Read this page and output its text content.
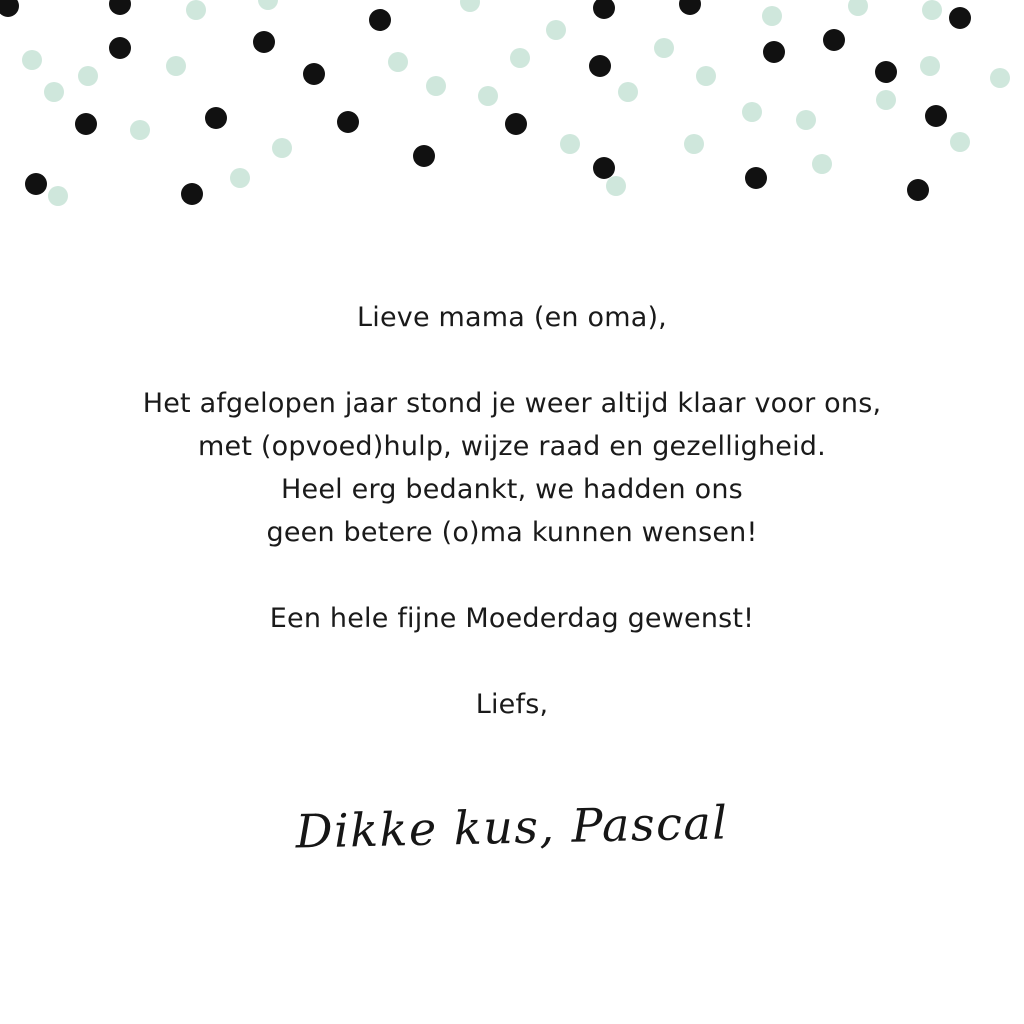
Lieve mama (en oma),

Het afgelopen jaar stond je weer altijd klaar voor ons,
met (opvoed)hulp, wijze raad en gezelligheid.
Heel erg bedankt, we hadden ons
geen betere (o)ma kunnen wensen!

Een hele fijne Moederdag gewenst!

Liefs,
Dikke kus, Pascal
